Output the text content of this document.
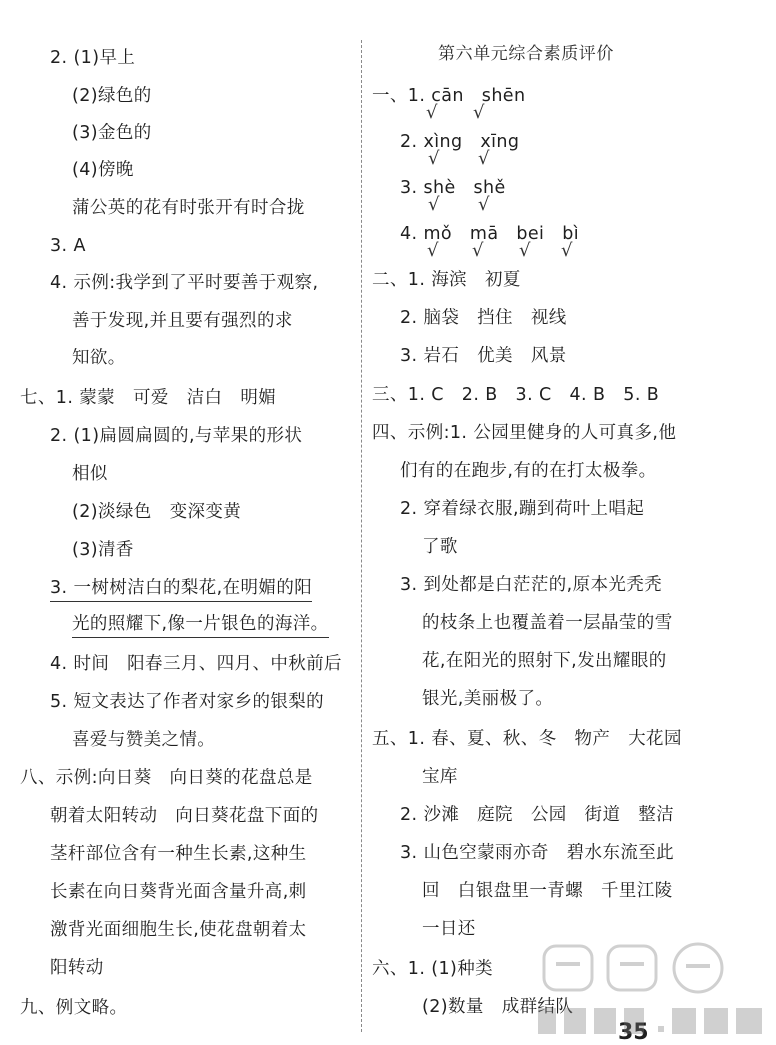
2. (1)早上
(2)绿色的
(3)金色的
(4)傍晚
蒲公英的花有时张开有时合拢
3. A
4. 示例:我学到了平时要善于观察,
善于发现,并且要有强烈的求
知欲。
七、1. 蒙蒙　可爱　洁白　明媚
2. (1)扁圆扁圆的,与苹果的形状
相似
(2)淡绿色　变深变黄
(3)清香
3. 一树树洁白的梨花,在明媚的阳
光的照耀下,像一片银色的海洋。
4. 时间　阳春三月、四月、中秋前后
5. 短文表达了作者对家乡的银梨的
喜爱与赞美之情。
八、示例:向日葵　向日葵的花盘总是
朝着太阳转动　向日葵花盘下面的
茎秆部位含有一种生长素,这种生
长素在向日葵背光面含量升高,刺
激背光面细胞生长,使花盘朝着太
阳转动
九、例文略。
第六单元综合素质评价
一、1. cān　shēn
√ √
2. xìng　xīng
√ √
3. shè　shě
√ √
4. mǒ　mā　bei　bì
√ √ √ √
二、1. 海滨　初夏
2. 脑袋　挡住　视线
3. 岩石　优美　风景
三、1. C　2. B　3. C　4. B　5. B
四、示例:1. 公园里健身的人可真多,他
们有的在跑步,有的在打太极拳。
2. 穿着绿衣服,蹦到荷叶上唱起
了歌
3. 到处都是白茫茫的,原本光秃秃
的枝条上也覆盖着一层晶莹的雪
花,在阳光的照射下,发出耀眼的
银光,美丽极了。
五、1. 春、夏、秋、冬　物产　大花园
宝库
2. 沙滩　庭院　公园　街道　整洁
3. 山色空蒙雨亦奇　碧水东流至此
回　白银盘里一青螺　千里江陵
一日还
六、1. (1)种类
(2)数量　成群结队
35
